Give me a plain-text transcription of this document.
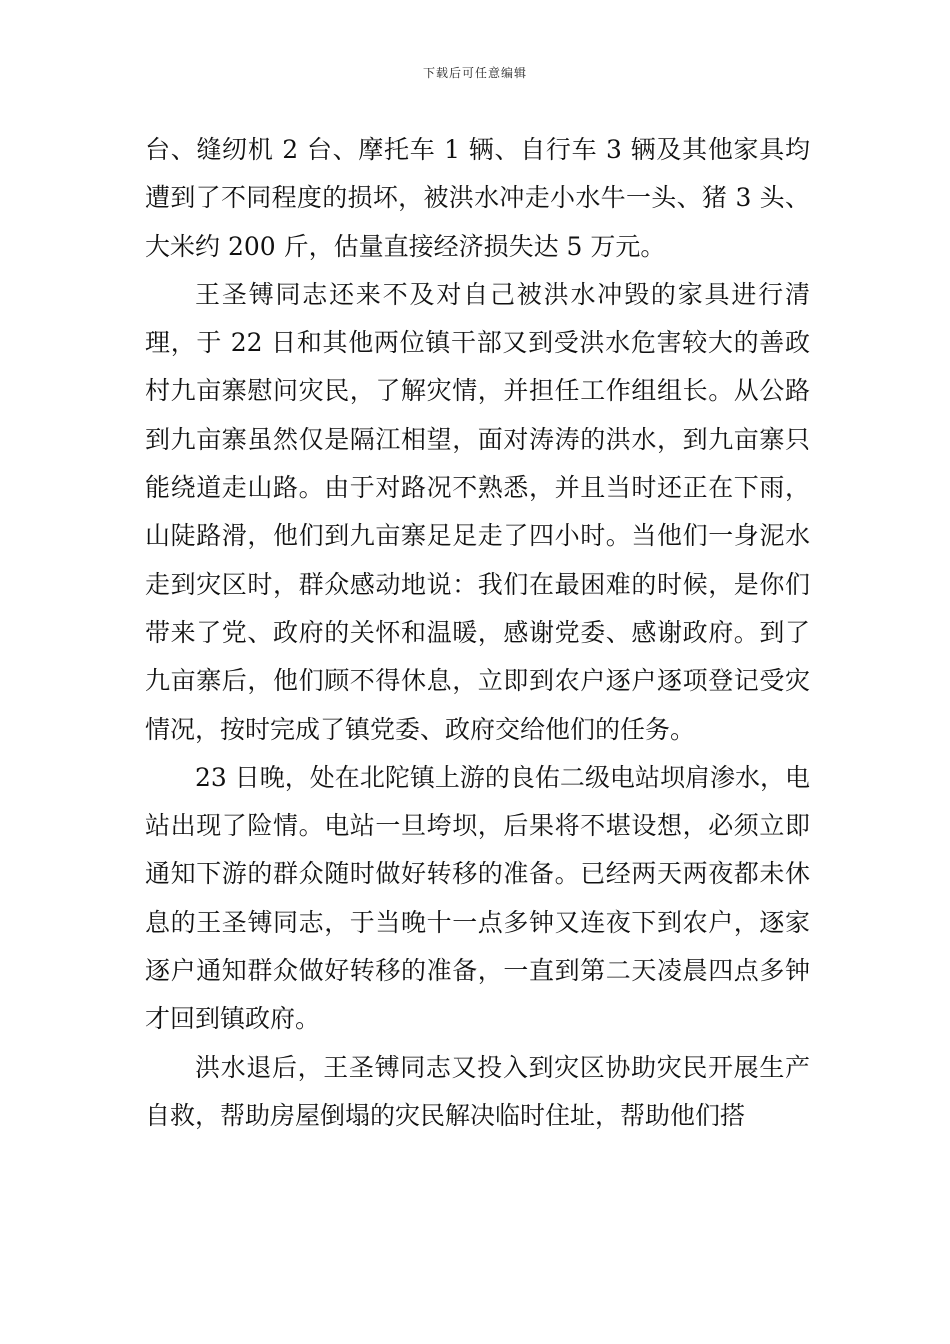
下载后可任意编辑

台、缝纫机 2 台、摩托车 1 辆、自行车 3 辆及其他家具均遭到了不同程度的损坏，被洪水冲走小水牛一头、猪 3 头、大米约 200 斤，估量直接经济损失达 5 万元。

王圣镈同志还来不及对自己被洪水冲毁的家具进行清理，于 22 日和其他两位镇干部又到受洪水危害较大的善政村九亩寨慰问灾民，了解灾情，并担任工作组组长。从公路到九亩寨虽然仅是隔江相望，面对涛涛的洪水，到九亩寨只能绕道走山路。由于对路况不熟悉，并且当时还正在下雨，山陡路滑，他们到九亩寨足足走了四小时。当他们一身泥水走到灾区时，群众感动地说：我们在最困难的时候，是你们带来了党、政府的关怀和温暖，感谢党委、感谢政府。到了九亩寨后，他们顾不得休息，立即到农户逐户逐项登记受灾情况，按时完成了镇党委、政府交给他们的任务。

23 日晚，处在北陀镇上游的良佑二级电站坝肩渗水，电站出现了险情。电站一旦垮坝，后果将不堪设想，必须立即通知下游的群众随时做好转移的准备。已经两天两夜都未休息的王圣镈同志，于当晚十一点多钟又连夜下到农户，逐家逐户通知群众做好转移的准备，一直到第二天凌晨四点多钟才回到镇政府。

洪水退后，王圣镈同志又投入到灾区协助灾民开展生产自救，帮助房屋倒塌的灾民解决临时住址，帮助他们搭
